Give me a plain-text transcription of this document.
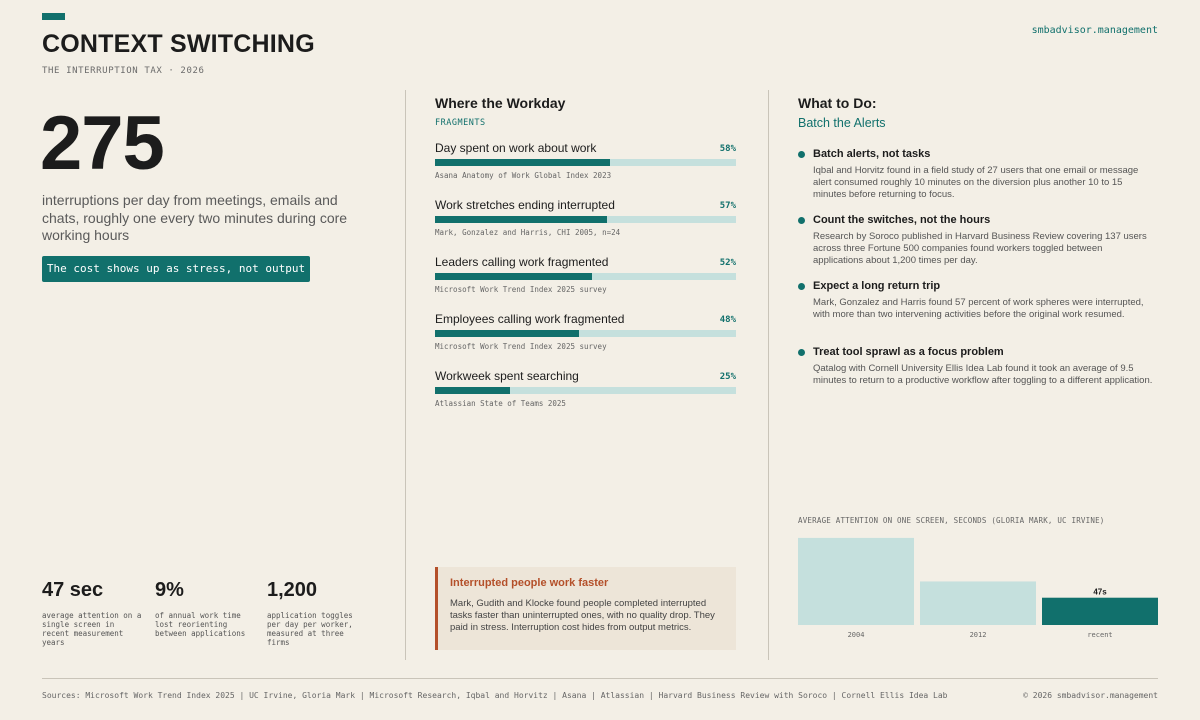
CONTEXT SWITCHING
THE INTERRUPTION TAX · 2026
smbadvisor.management
275
interruptions per day from meetings, emails and chats, roughly one every two minutes during core working hours
The cost shows up as stress, not output
47 sec
average attention on a single screen in recent measurement years
9%
of annual work time lost reorienting between applications
1,200
application toggles per day per worker, measured at three firms
Where the Workday
FRAGMENTS
Day spent on work about work	58%
Asana Anatomy of Work Global Index 2023
Work stretches ending interrupted	57%
Mark, Gonzalez and Harris, CHI 2005, n=24
Leaders calling work fragmented	52%
Microsoft Work Trend Index 2025 survey
Employees calling work fragmented	48%
Microsoft Work Trend Index 2025 survey
Workweek spent searching	25%
Atlassian State of Teams 2025
Interrupted people work faster
Mark, Gudith and Klocke found people completed interrupted tasks faster than uninterrupted ones, with no quality drop. They paid in stress. Interruption cost hides from output metrics.
What to Do:
Batch the Alerts
Batch alerts, not tasks
Iqbal and Horvitz found in a field study of 27 users that one email or message alert consumed roughly 10 minutes on the diversion plus another 10 to 15 minutes before returning to focus.
Count the switches, not the hours
Research by Soroco published in Harvard Business Review covering 137 users across three Fortune 500 companies found workers toggled between applications about 1,200 times per day.
Expect a long return trip
Mark, Gonzalez and Harris found 57 percent of work spheres were interrupted, with more than two intervening activities before the original work resumed.
Treat tool sprawl as a focus problem
Qatalog with Cornell University Ellis Idea Lab found it took an average of 9.5 minutes to return to a productive workflow after toggling to a different application.
AVERAGE ATTENTION ON ONE SCREEN, SECONDS (GLORIA MARK, UC IRVINE)
2004	2012	recent
47s
Sources: Microsoft Work Trend Index 2025 | UC Irvine, Gloria Mark | Microsoft Research, Iqbal and Horvitz | Asana | Atlassian | Harvard Business Review with Soroco | Cornell Ellis Idea Lab	© 2026 smbadvisor.management
